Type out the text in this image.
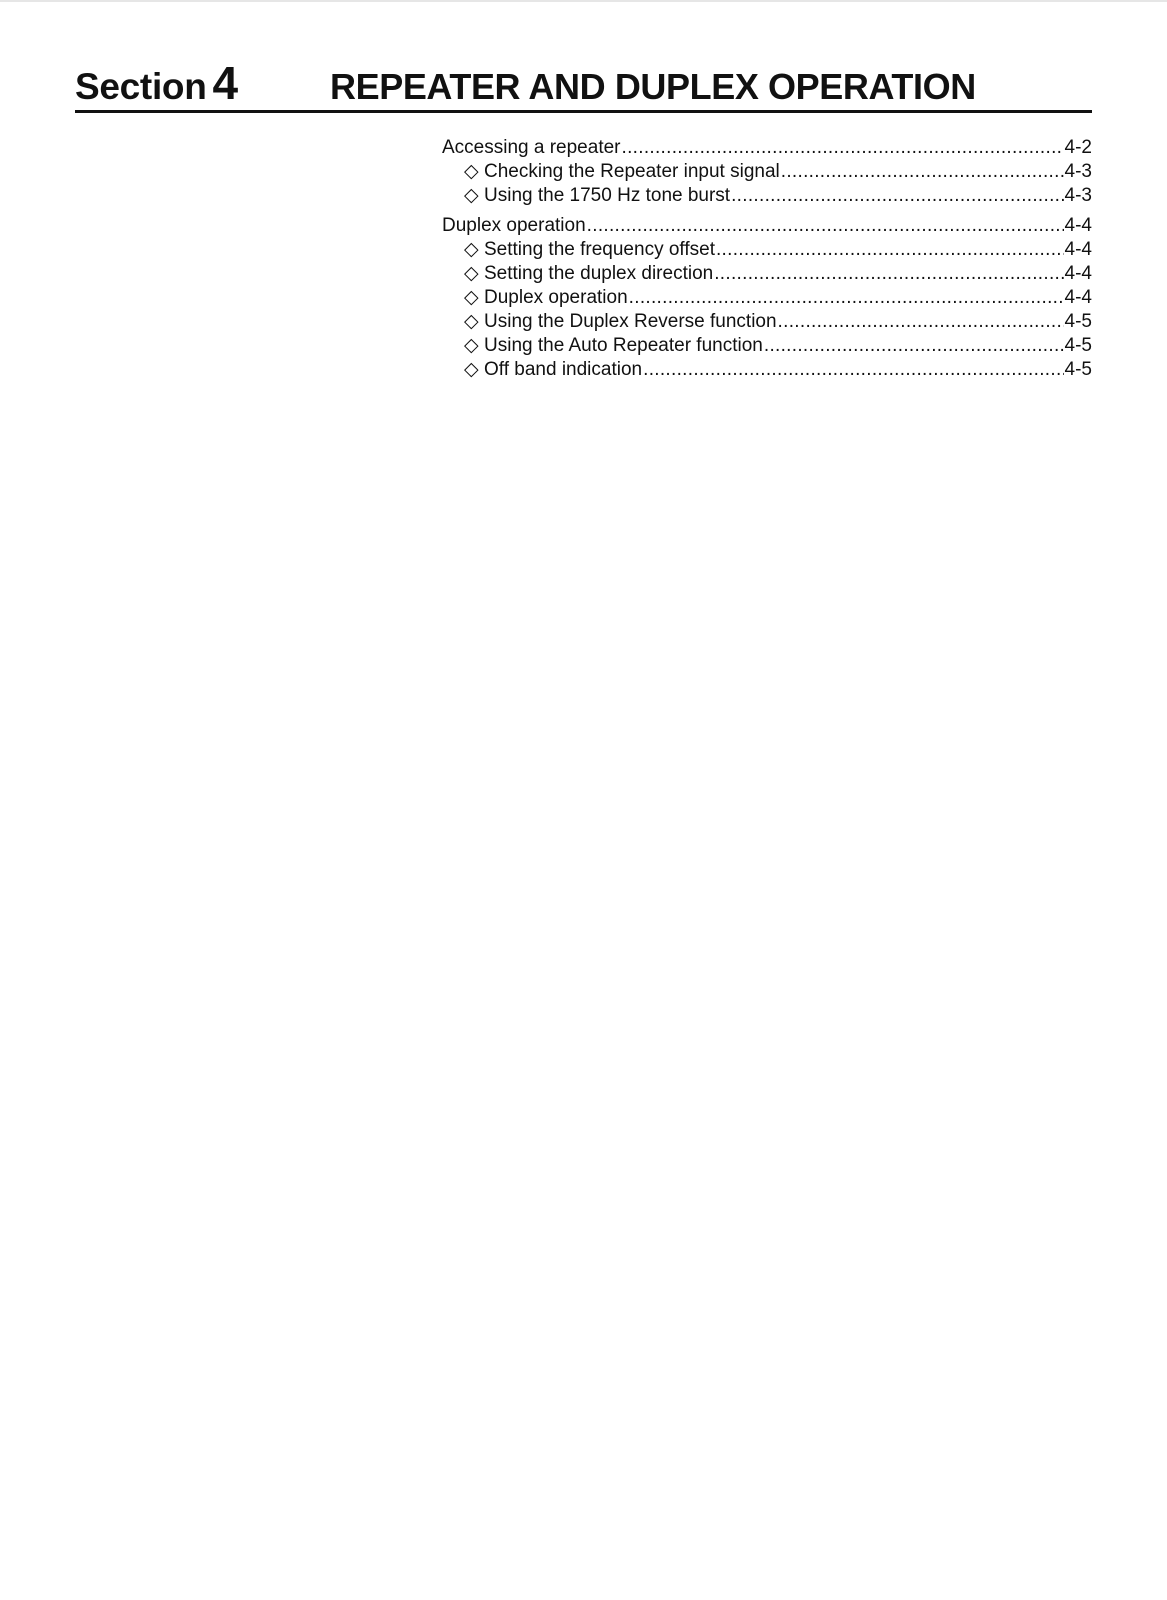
Section 4	REPEATER AND DUPLEX OPERATION
Accessing a repeater .....	4-2
◇ Checking the Repeater input signal .....	4-3
◇ Using the 1750 Hz tone burst .....	4-3
Duplex operation .....	4-4
◇ Setting the frequency offset .....	4-4
◇ Setting the duplex direction .....	4-4
◇ Duplex operation .....	4-4
◇ Using the Duplex Reverse function .....	4-5
◇ Using the Auto Repeater function .....	4-5
◇ Off band indication .....	4-5
